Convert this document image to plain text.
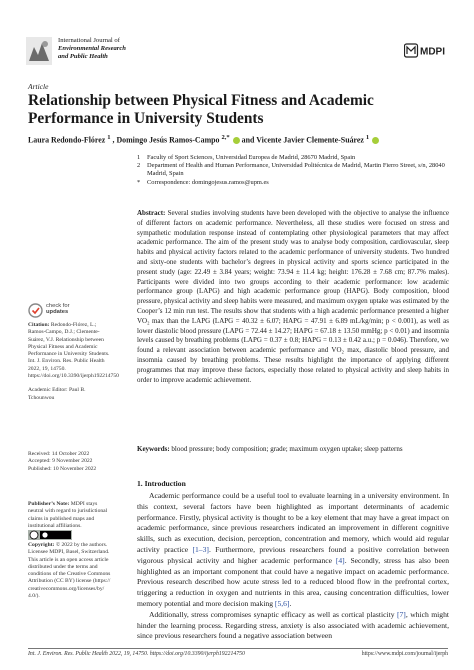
International Journal of
Environmental Research
and Public Health	MDPI
Article
Relationship between Physical Fitness and Academic Performance in University Students
Laura Redondo-Flórez $^1$ , Domingo Jesús Ramos-Campo $^{2,*}$  and Vicente Javier Clemente-Suárez $^1$
1	Faculty of Sport Sciences, Universidad Europea de Madrid, 28670 Madrid, Spain
2	Department of Health and Human Performance, Universidad Politécnica de Madrid, Martin Fierro Street, s/n, 28040 Madrid, Spain
*	Correspondence: domingojesus.ramos@upm.es
Abstract: Several studies involving students have been developed with the objective to analyse the influence of different factors on academic performance. Nevertheless, all these studies were focused on stress and sympathetic modulation response instead of contemplating other physiological parameters that may affect academic performance. The aim of the present study was to analyse body composition, cardiovascular, sleep habits and physical activity factors related to the academic performance of university students. Two hundred and sixty-one students with bachelor’s degrees in physical activity and sports science participated in the present study (age: 22.49 ± 3.84 years; weight: 73.94 ± 11.4 kg; height: 176.28 ± 7.68 cm; 87.7% males). Participants were divided into two groups according to their academic performance: low academic performance group (LAPG) and high academic performance group (HAPG). Body composition, blood pressure, physical activity and sleep habits were measured, and maximum oxygen uptake was estimated by the Cooper’s 12 min run test. The results show that students with a high academic performance presented a higher VO₂ max than the LAPG (LAPG = 40.32 ± 6.07; HAPG = 47.91 ± 6.89 mL/kg/min; p < 0.001), as well as lower diastolic blood pressure (LAPG = 72.44 ± 14.27; HAPG = 67.18 ± 13.50 mmHg; p < 0.01) and insomnia levels caused by breathing problems (LAPG = 0.37 ± 0.8; HAPG = 0.13 ± 0.42 a.u.; p = 0.046). Therefore, we found a relevant association between academic performance and VO₂ max, diastolic blood pressure, and insomnia caused by breathing problems. These results highlight the importance of applying different programmes that may improve these factors, especially those related to physical activity and sleep habits in order to improve academic achievement.
Keywords: blood pressure; body composition; grade; maximum oxygen uptake; sleep patterns
check for
updates
Citation: Redondo-Flórez, L.; Ramos-Campo, D.J.; Clemente-Suárez, V.J. Relationship between Physical Fitness and Academic Performance in University Students. Int. J. Environ. Res. Public Health 2022, 19, 14750. https://doi.org/10.3390/ijerph192214750
Academic Editor: Paul B. Tchounwou
Received: 14 October 2022
Accepted: 9 November 2022
Published: 10 November 2022
Publisher’s Note: MDPI stays neutral with regard to jurisdictional claims in published maps and institutional affiliations.
Copyright: © 2022 by the authors. Licensee MDPI, Basel, Switzerland. This article is an open access article distributed under the terms and conditions of the Creative Commons Attribution (CC BY) license (https:// creativecommons.org/licenses/by/ 4.0/).
1. Introduction

Academic performance could be a useful tool to evaluate learning in a university environment. In this context, several factors have been highlighted as important determinants of academic performance. Firstly, physical activity is thought to be a key element that may have a great impact on academic performance, since previous researchers indicated an improvement in different cognitive skills, such as execution, decision, perception, concentration and memory, which would aid regular activity practice [1–3]. Furthermore, previous researchers found a positive correlation between vigorous physical activity and higher academic performance [4]. Secondly, stress has also been highlighted as an important component that could have a negative impact on academic performance. Previous research described how acute stress led to a reduced blood flow in the prefrontal cortex, triggering a reduction in oxygen and nutrients in this area, causing concentration difficulties, lower memory potential and more decision making [5,6].

Additionally, stress compromises synaptic efficacy as well as cortical plasticity [7], which might hinder the learning process. Regarding stress, anxiety is also associated with academic achievement, since previous researchers found a negative association between

Int. J. Environ. Res. Public Health 2022, 19, 14750. https://doi.org/10.3390/ijerph192214750	https://www.mdpi.com/journal/ijerph
